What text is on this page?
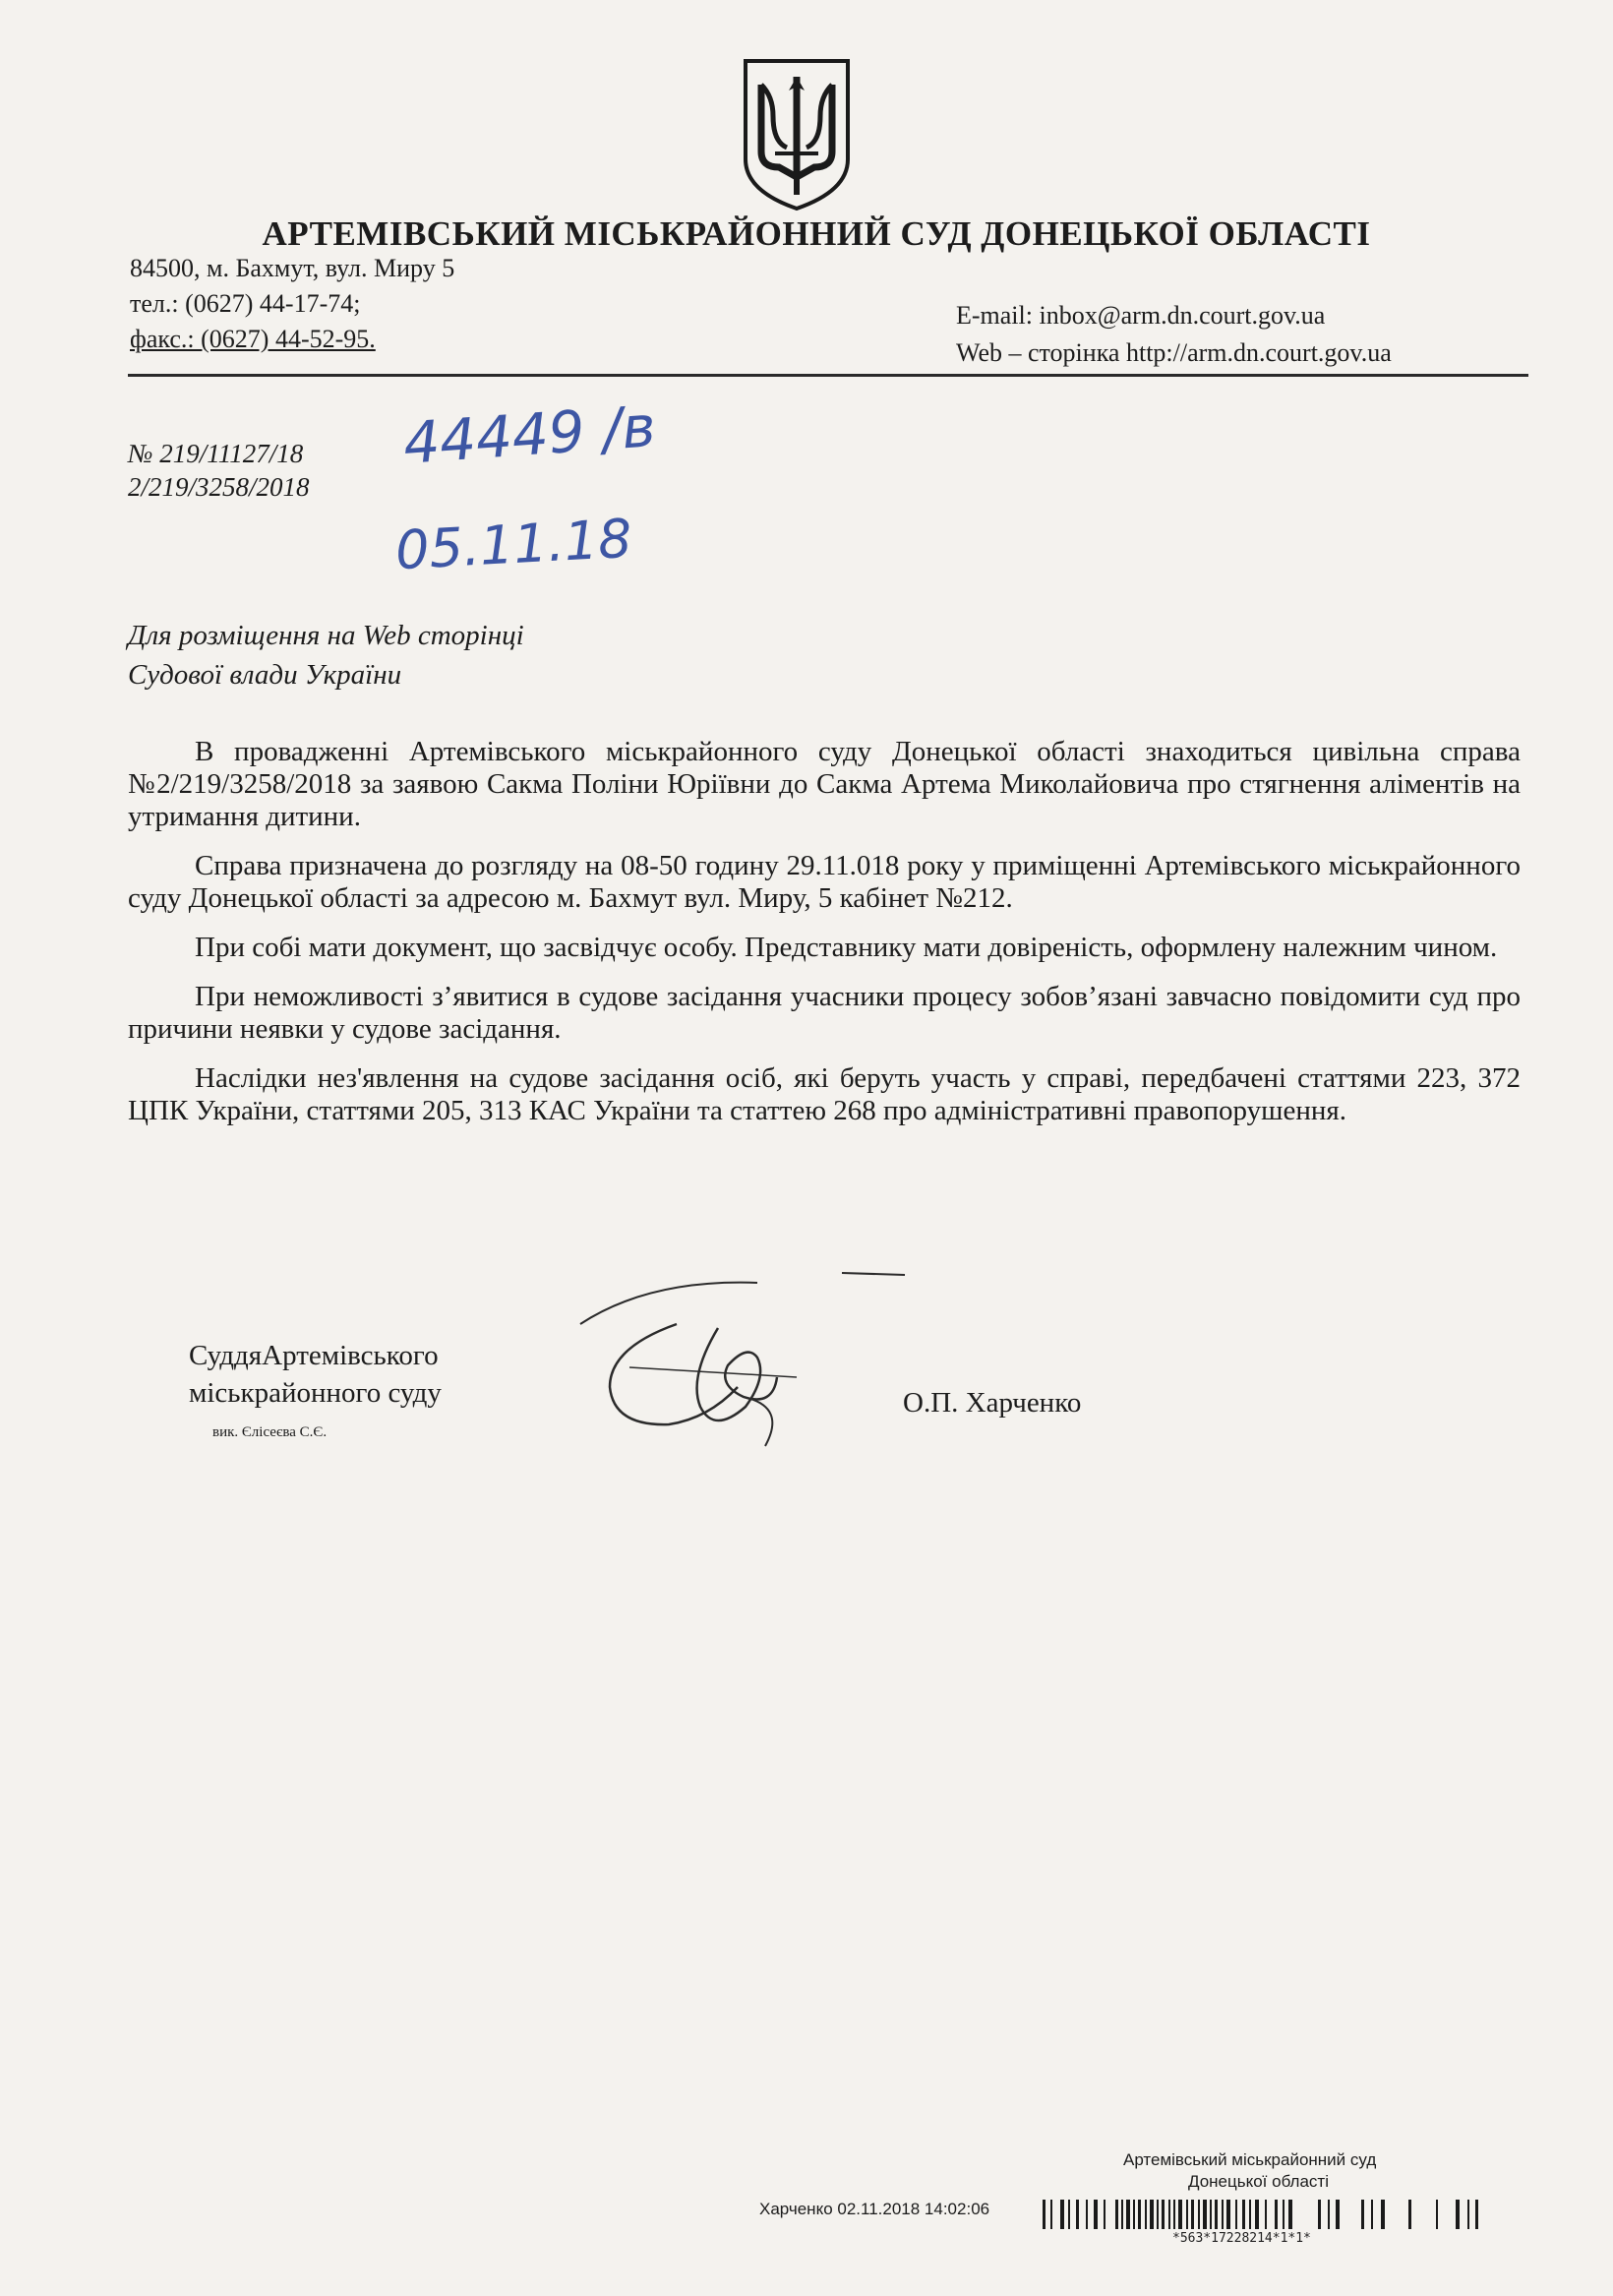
АРТЕМІВСЬКИЙ МІСЬКРАЙОННИЙ СУД ДОНЕЦЬКОЇ ОБЛАСТІ
84500, м. Бахмут, вул. Миру 5
тел.: (0627) 44-17-74;
факс.: (0627) 44-52-95.
E-mail: inbox@arm.dn.court.gov.ua
Web – сторінка http://arm.dn.court.gov.ua
№ 219/11127/18
2/219/3258/2018
44449 /в
05.11.18
Для розміщення на Web сторінці
Судової влади України

В провадженні Артемівського міськрайонного суду Донецької області знаходиться цивільна справа №2/219/3258/2018 за заявою Сакма Поліни Юріївни до Сакма Артема Миколайовича про стягнення аліментів на утримання дитини.

Справа призначена до розгляду на 08-50 годину 29.11.018 року у приміщенні Артемівського міськрайонного суду Донецької області за адресою м. Бахмут вул. Миру, 5 кабінет №212.

При собі мати документ, що засвідчує особу. Представнику мати довіреність, оформлену належним чином.

При неможливості з’явитися в судове засідання учасники процесу зобов’язані завчасно повідомити суд про причини неявки у судове засідання.

Наслідки нез'явлення на судове засідання осіб, які беруть участь у справі, передбачені статтями 223, 372 ЦПК України, статтями 205, 313 КАС України та статтею 268 про адміністративні правопорушення.

СуддяАртемівського
міськрайонного суду
вик. Єлісеєва С.Є.
О.П. Харченко
Артемівський міськрайонний суд
Донецької області
Харченко 02.11.2018 14:02:06
*563*17228214*1*1*
